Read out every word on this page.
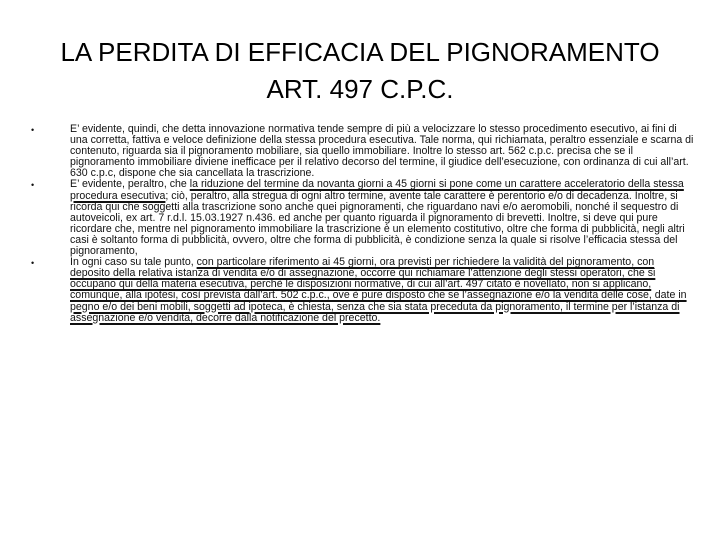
LA PERDITA DI EFFICACIA DEL PIGNORAMENTO ART. 497 C.P.C.
•	E’ evidente, quindi, che detta innovazione normativa tende sempre di più a velocizzare lo stesso procedimento esecutivo, ai fini di una corretta, fattiva e veloce definizione della stessa procedura esecutiva. Tale norma, qui richiamata, peraltro essenziale e scarna di contenuto, riguarda sia il pignoramento mobiliare, sia quello immobiliare. Inoltre lo stesso art. 562 c.p.c. precisa che se il pignoramento immobiliare diviene inefficace per il relativo decorso del termine, il giudice dell’esecuzione, con ordinanza di cui all’art. 630 c.p.c, dispone che sia cancellata la trascrizione.
•	E’ evidente, peraltro, che la riduzione del termine da novanta giorni a 45 giorni si pone come un carattere acceleratorio della stessa procedura esecutiva; ciò, peraltro, alla stregua di ogni altro termine, avente tale carattere è perentorio e/o di decadenza. Inoltre, si ricorda qui che soggetti alla trascrizione sono anche quei pignoramenti, che riguardano navi e/o aeromobili, nonché il sequestro di autoveicoli, ex art. 7 r.d.l. 15.03.1927 n.436. ed anche per quanto riguarda il pignoramento di brevetti. Inoltre, si deve qui pure ricordare che, mentre nel pignoramento immobiliare la trascrizione è un elemento costitutivo, oltre che forma di pubblicità, negli altri casi è soltanto forma di pubblicità, ovvero, oltre che forma di pubblicità, è condizione senza la quale si risolve l’efficacia stessa del pignoramento,
•	In ogni caso su tale punto, con particolare riferimento ai 45 giorni, ora previsti per richiedere la validità del pignoramento, con deposito della relativa istanza di vendita e/o di assegnazione, occorre qui richiamare l’attenzione degli stessi operatori, che si occupano qui della materia esecutiva, perchè le disposizioni normative, di cui all’art. 497 citato è novellato, non si applicano, comunque, alla ipotesi, così prevista dall’art. 502 c.p.c., ove è pure disposto che se l’assegnazione e/o la vendita delle cose, date in pegno e/o dei beni mobili, soggetti ad ipoteca, è chiesta, senza che sia stata preceduta da pignoramento, il termine per l’istanza di assegnazione e/o vendita, decorre dalla notificazione del precetto.
